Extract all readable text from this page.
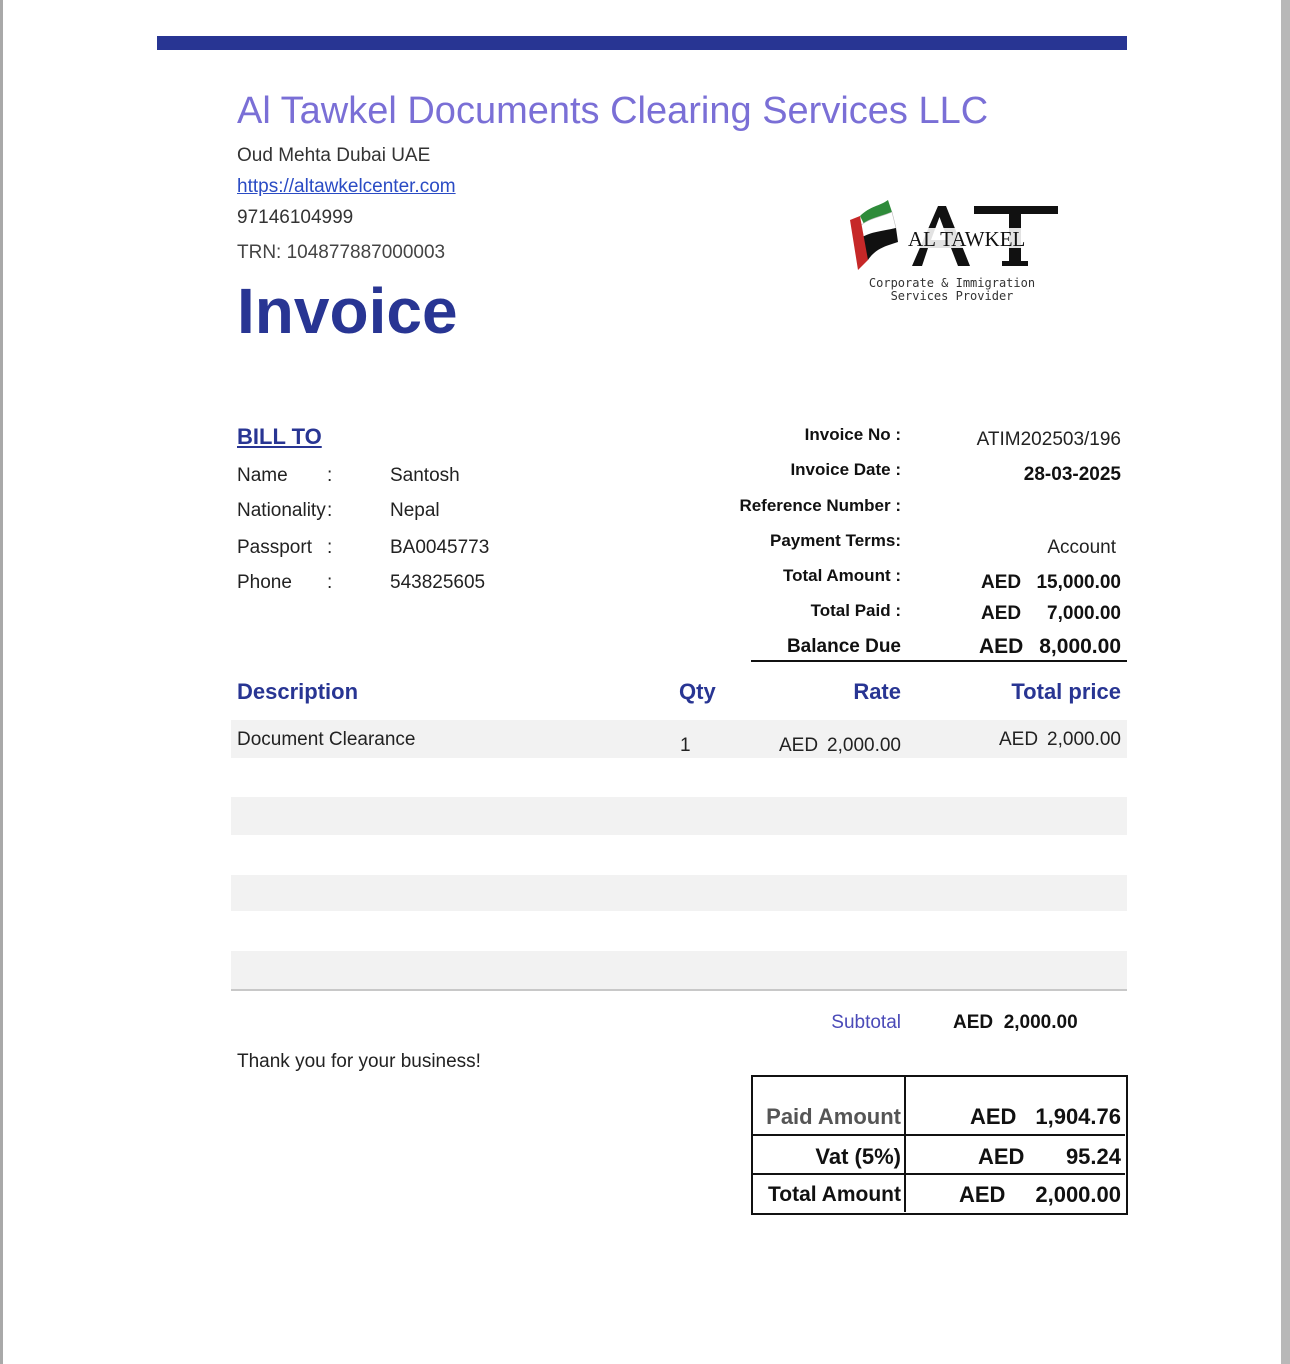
Al Tawkel Documents Clearing Services LLC
Oud Mehta Dubai UAE
https://altawkelcenter.com
97146104999
TRN: 104877887000003
Invoice
AL TAWKEL
Corporate & Immigration
Services Provider
BILL TO
Name	:	Santosh
Nationality :	Nepal
Passport :	BA0045773
Phone	:	543825605
Invoice No :	ATIM202503/196
Invoice Date :	28-03-2025
Reference Number :
Payment Terms:	Account
Total Amount :	AED 15,000.00
Total Paid :	AED 7,000.00
Balance Due	AED 8,000.00
Description	Qty	Rate	Total price
Document Clearance	1	AED 2,000.00	AED 2,000.00
Subtotal	AED 2,000.00
Thank you for your business!
Paid Amount	AED 1,904.76
Vat (5%)	AED 95.24
Total Amount	AED 2,000.00
